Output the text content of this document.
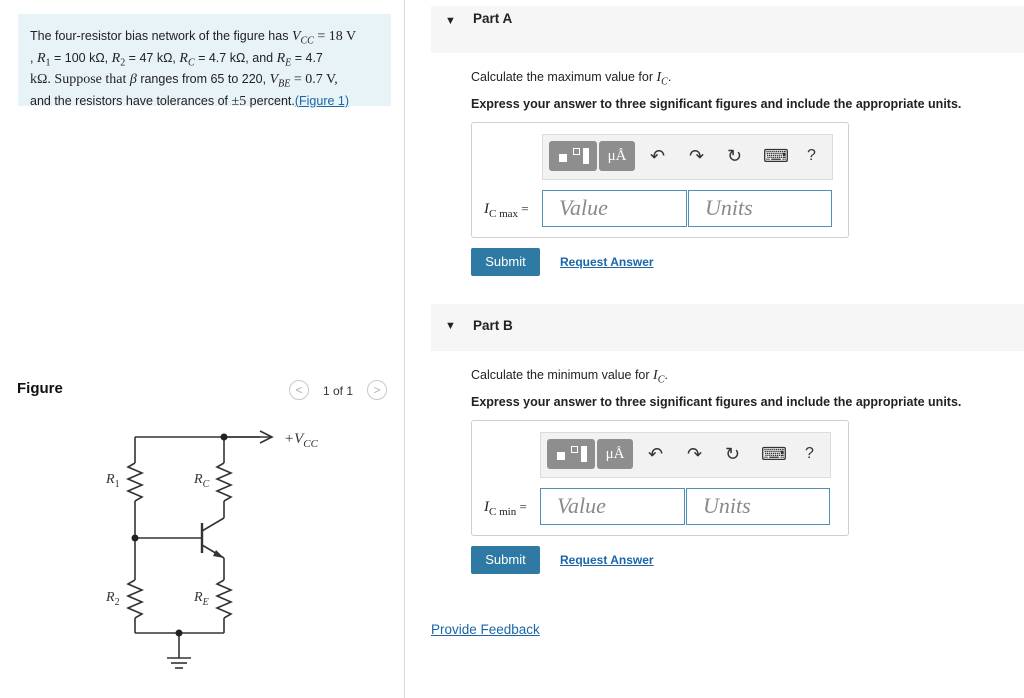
The four-resistor bias network of the figure has $V_{CC} = 18$ V
, $R_1 = 100$ kΩ, $R_2 = 47$ kΩ, $R_C = 4.7$ kΩ, and $R_E = 4.7$
kΩ. Suppose that β ranges from 65 to 220, $V_{BE} = 0.7$ V,
and the resistors have tolerances of ±5 percent.(Figure 1)
Figure	<	1 of 1	>
$+V_{CC}$
$R_1$	$R_C$
$R_2$	$R_E$
▼ Part A
Calculate the maximum value for $I_C$.
Express your answer to three significant figures and include the appropriate units.
μÅ	↶ ↷ ↻ ⌨ ?
$I_{C max}$ =	Value	Units
Submit	Request Answer
▼ Part B
Calculate the minimum value for $I_C$.
Express your answer to three significant figures and include the appropriate units.
μÅ	↶ ↷ ↻ ⌨ ?
$I_{C min}$ =	Value	Units
Submit	Request Answer
Provide Feedback
